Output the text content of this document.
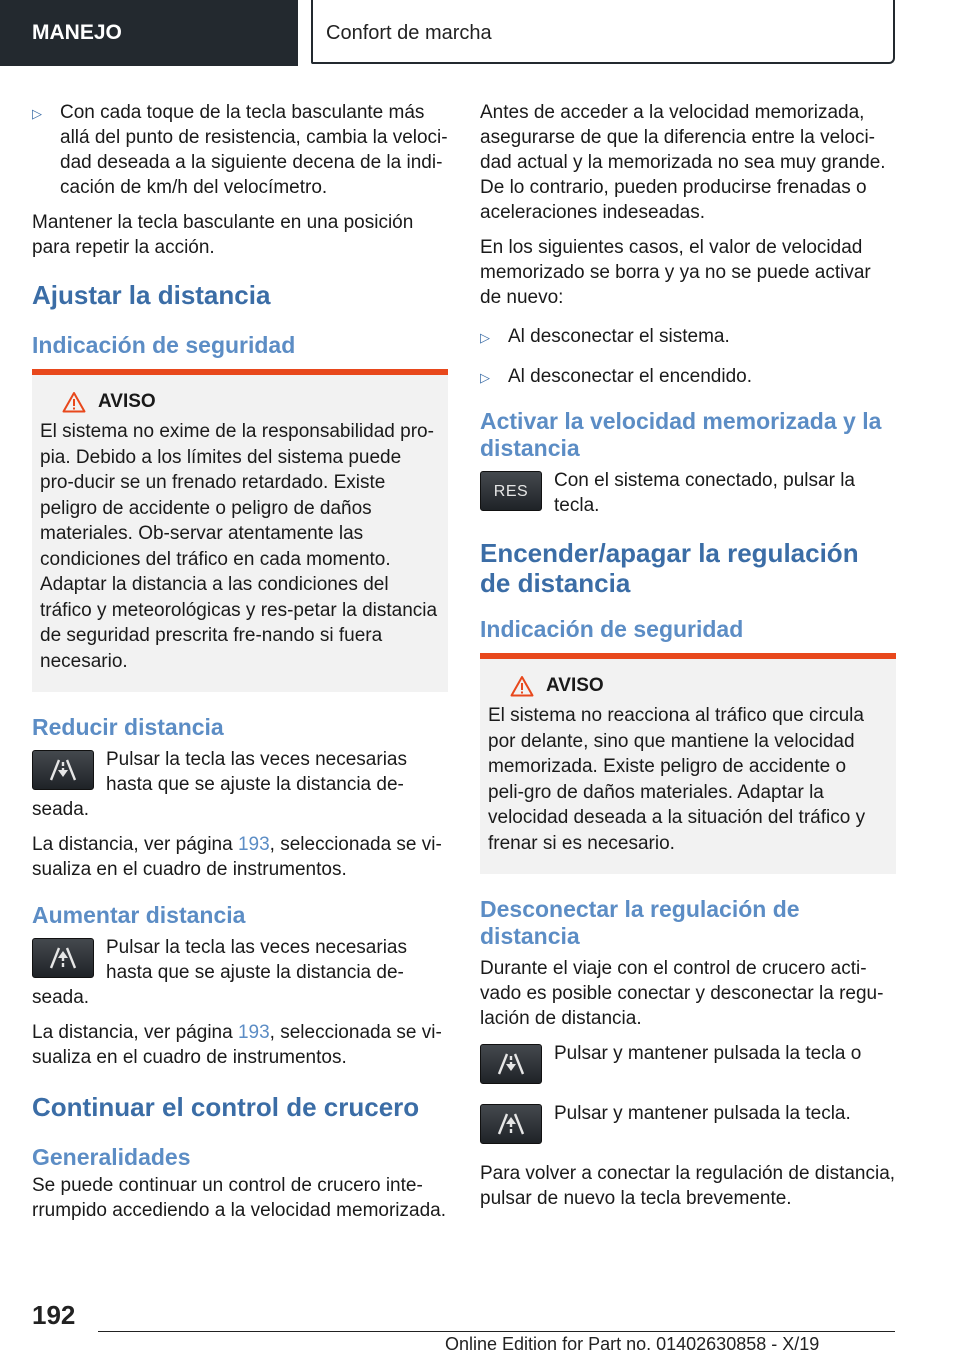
MANEJO	Confort de marcha
▷ Con cada toque de la tecla basculante más allá del punto de resistencia, cambia la veloci‐dad deseada a la siguiente decena de la indi‐cación de km/h del velocímetro.

Mantener la tecla basculante en una posición para repetir la acción.

Ajustar la distancia
Indicación de seguridad
AVISO

El sistema no exime de la responsabilidad pro‐pia. Debido a los límites del sistema puede pro‐ducir se un frenado retardado. Existe peligro de accidente o peligro de daños materiales. Ob‐servar atentamente las condiciones del tráfico en cada momento. Adaptar la distancia a las condiciones del tráfico y meteorológicas y res‐petar la distancia de seguridad prescrita fre‐nando si fuera necesario.

Reducir distancia
Pulsar la tecla las veces necesarias hasta que se ajuste la distancia de‐seada.

La distancia, ver página 193, seleccionada se vi‐sualiza en el cuadro de instrumentos.

Aumentar distancia
Pulsar la tecla las veces necesarias hasta que se ajuste la distancia de‐seada.

La distancia, ver página 193, seleccionada se vi‐sualiza en el cuadro de instrumentos.

Continuar el control de crucero
Generalidades

Se puede continuar un control de crucero inte‐rrumpido accediendo a la velocidad memorizada.

Antes de acceder a la velocidad memorizada, asegurarse de que la diferencia entre la veloci‐dad actual y la memorizada no sea muy grande. De lo contrario, pueden producirse frenadas o aceleraciones indeseadas.

En los siguientes casos, el valor de velocidad memorizado se borra y ya no se puede activar de nuevo:

▷ Al desconectar el sistema.
▷ Al desconectar el encendido.
Activar la velocidad memorizada y la distancia
RES	Con el sistema conectado, pulsar la tecla.
Encender/apagar la regulación de distancia
Indicación de seguridad
AVISO

El sistema no reacciona al tráfico que circula por delante, sino que mantiene la velocidad memorizada. Existe peligro de accidente o peli‐gro de daños materiales. Adaptar la velocidad deseada a la situación del tráfico y frenar si es necesario.

Desconectar la regulación de distancia

Durante el viaje con el control de crucero acti‐vado es posible conectar y desconectar la regu‐lación de distancia.

Pulsar y mantener pulsada la tecla o
Pulsar y mantener pulsada la tecla.

Para volver a conectar la regulación de distancia, pulsar de nuevo la tecla brevemente.

192
Online Edition for Part no. 01402630858 - X/19
